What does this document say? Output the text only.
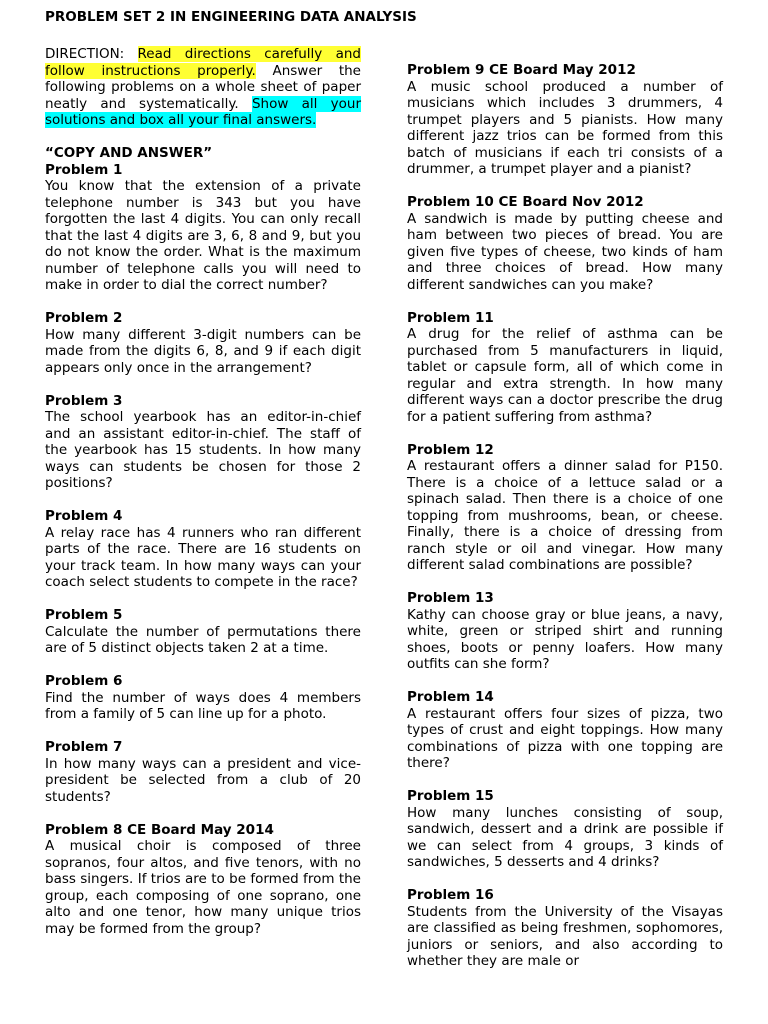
PROBLEM SET 2 IN ENGINEERING DATA ANALYSIS

DIRECTION: Read directions carefully and follow instructions properly. Answer the following problems on a whole sheet of paper neatly and systematically. Show all your solutions and box all your final answers.

“COPY AND ANSWER”
Problem 1
You know that the extension of a private telephone number is 343 but you have forgotten the last 4 digits. You can only recall that the last 4 digits are 3, 6, 8 and 9, but you do not know the order. What is the maximum number of telephone calls you will need to make in order to dial the correct number?
Problem 2
How many different 3-digit numbers can be made from the digits 6, 8, and 9 if each digit appears only once in the arrangement?
Problem 3
The school yearbook has an editor-in-chief and an assistant editor-in-chief. The staff of the yearbook has 15 students. In how many ways can students be chosen for those 2 positions?
Problem 4
A relay race has 4 runners who ran different parts of the race. There are 16 students on your track team. In how many ways can your coach select students to compete in the race?
Problem 5
Calculate the number of permutations there are of 5 distinct objects taken 2 at a time.
Problem 6
Find the number of ways does 4 members from a family of 5 can line up for a photo.
Problem 7
In how many ways can a president and vice-president be selected from a club of 20 students?
Problem 8 CE Board May 2014
A musical choir is composed of three sopranos, four altos, and five tenors, with no bass singers. If trios are to be formed from the group, each composing of one soprano, one alto and one tenor, how many unique trios may be formed from the group?
Problem 9 CE Board May 2012
A music school produced a number of musicians which includes 3 drummers, 4 trumpet players and 5 pianists. How many different jazz trios can be formed from this batch of musicians if each tri consists of a drummer, a trumpet player and a pianist?
Problem 10 CE Board Nov 2012
A sandwich is made by putting cheese and ham between two pieces of bread. You are given five types of cheese, two kinds of ham and three choices of bread. How many different sandwiches can you make?
Problem 11
A drug for the relief of asthma can be purchased from 5 manufacturers in liquid, tablet or capsule form, all of which come in regular and extra strength. In how many different ways can a doctor prescribe the drug for a patient suffering from asthma?
Problem 12
A restaurant offers a dinner salad for P150. There is a choice of a lettuce salad or a spinach salad. Then there is a choice of one topping from mushrooms, bean, or cheese. Finally, there is a choice of dressing from ranch style or oil and vinegar. How many different salad combinations are possible?
Problem 13
Kathy can choose gray or blue jeans, a navy, white, green or striped shirt and running shoes, boots or penny loafers. How many outfits can she form?
Problem 14
A restaurant offers four sizes of pizza, two types of crust and eight toppings. How many combinations of pizza with one topping are there?
Problem 15
How many lunches consisting of soup, sandwich, dessert and a drink are possible if we can select from 4 groups, 3 kinds of sandwiches, 5 desserts and 4 drinks?
Problem 16
Students from the University of the Visayas are classified as being freshmen, sophomores, juniors or seniors, and also according to whether they are male or
